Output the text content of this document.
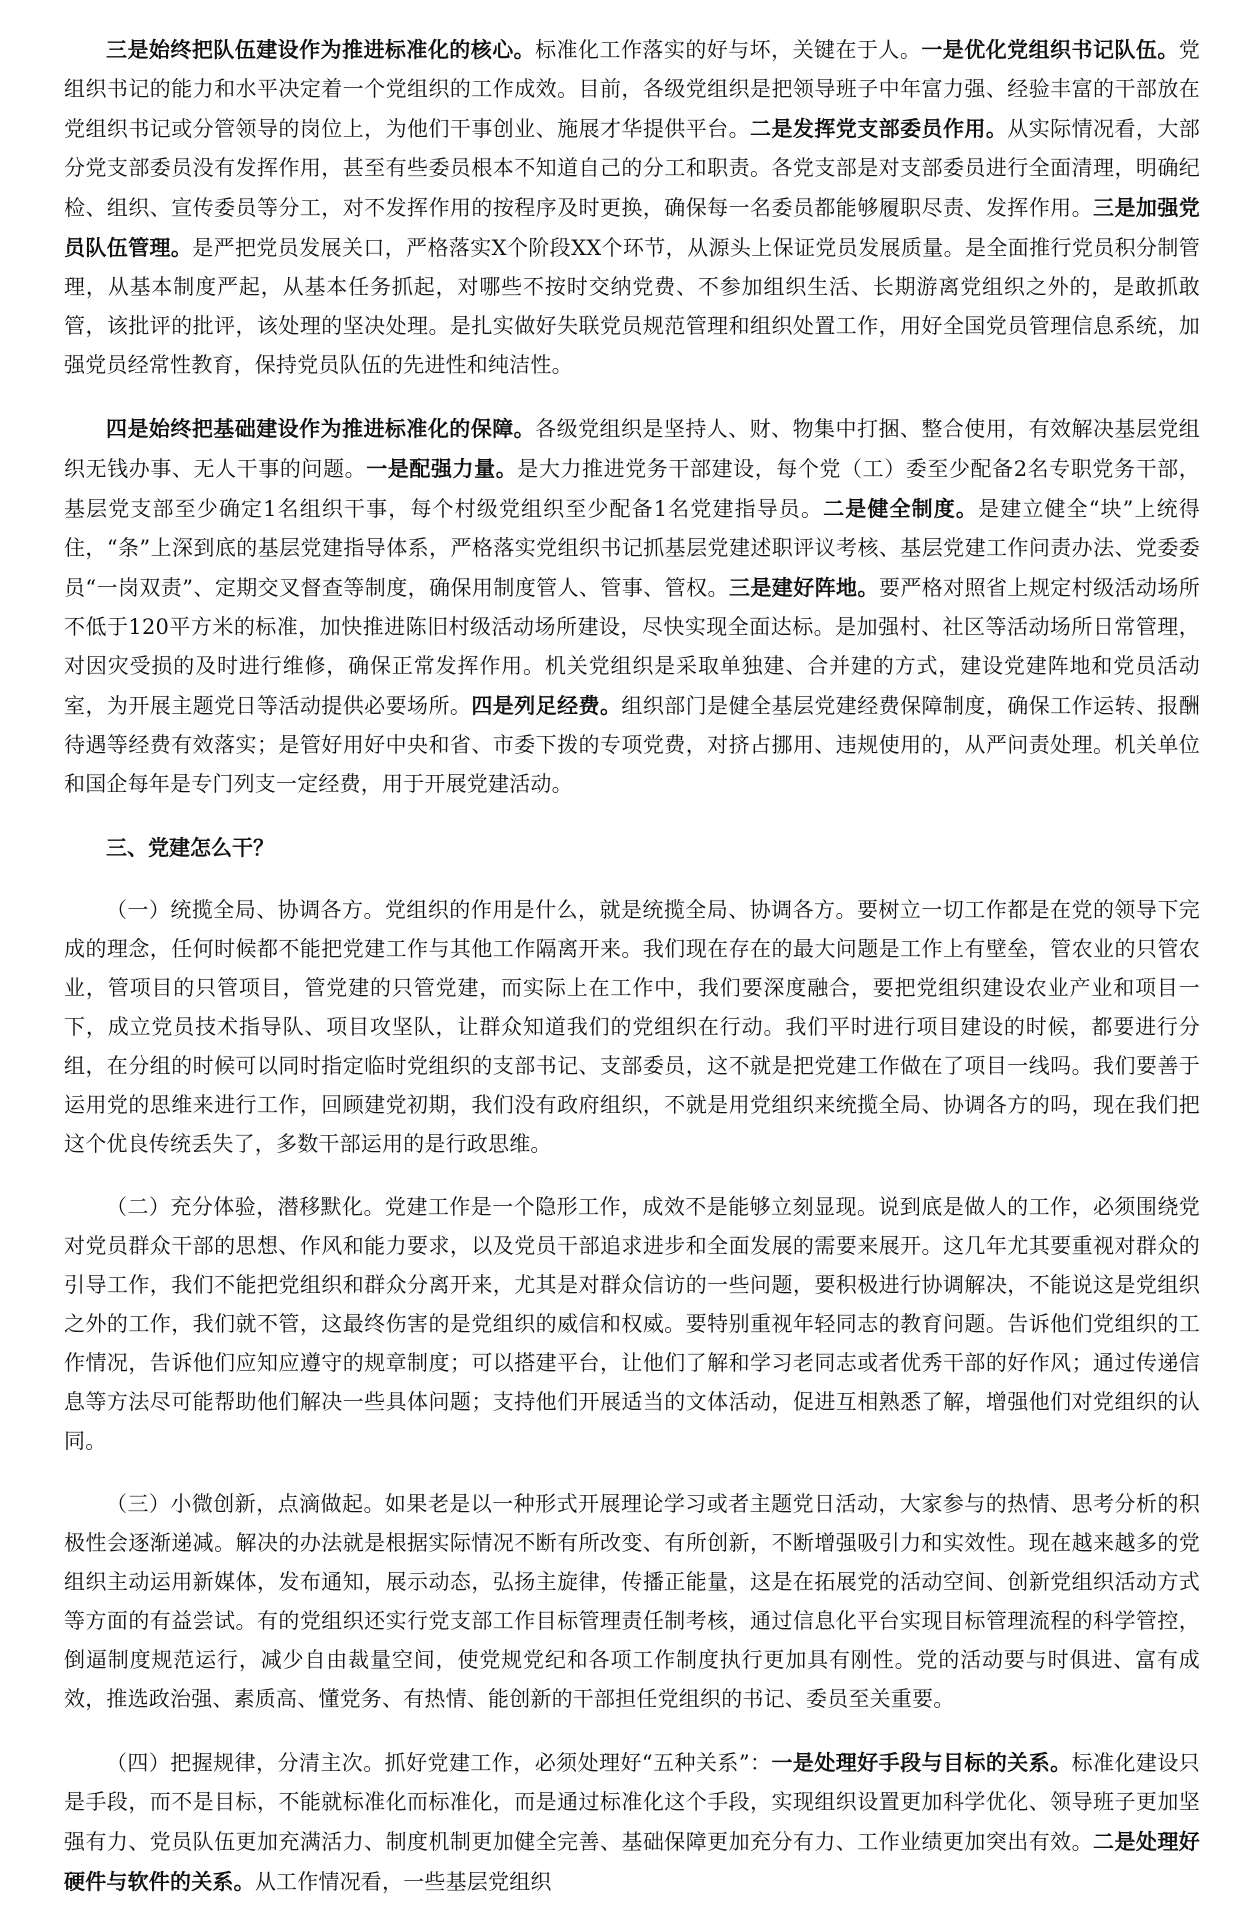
三是始终把队伍建设作为推进标准化的核心。标准化工作落实的好与坏，关键在于人。一是优化党组织书记队伍。党组织书记的能力和水平决定着一个党组织的工作成效。目前，各级党组织是把领导班子中年富力强、经验丰富的干部放在党组织书记或分管领导的岗位上，为他们干事创业、施展才华提供平台。二是发挥党支部委员作用。从实际情况看，大部分党支部委员没有发挥作用，甚至有些委员根本不知道自己的分工和职责。各党支部是对支部委员进行全面清理，明确纪检、组织、宣传委员等分工，对不发挥作用的按程序及时更换，确保每一名委员都能够履职尽责、发挥作用。三是加强党员队伍管理。是严把党员发展关口，严格落实X个阶段XX个环节，从源头上保证党员发展质量。是全面推行党员积分制管理，从基本制度严起，从基本任务抓起，对哪些不按时交纳党费、不参加组织生活、长期游离党组织之外的，是敢抓敢管，该批评的批评，该处理的坚决处理。是扎实做好失联党员规范管理和组织处置工作，用好全国党员管理信息系统，加强党员经常性教育，保持党员队伍的先进性和纯洁性。

四是始终把基础建设作为推进标准化的保障。各级党组织是坚持人、财、物集中打捆、整合使用，有效解决基层党组织无钱办事、无人干事的问题。一是配强力量。是大力推进党务干部建设，每个党（工）委至少配备2名专职党务干部，基层党支部至少确定1名组织干事，每个村级党组织至少配备1名党建指导员。二是健全制度。是建立健全“块”上统得住，“条”上深到底的基层党建指导体系，严格落实党组织书记抓基层党建述职评议考核、基层党建工作问责办法、党委委员“一岗双责”、定期交叉督查等制度，确保用制度管人、管事、管权。三是建好阵地。要严格对照省上规定村级活动场所不低于120平方米的标准，加快推进陈旧村级活动场所建设，尽快实现全面达标。是加强村、社区等活动场所日常管理，对因灾受损的及时进行维修，确保正常发挥作用。机关党组织是采取单独建、合并建的方式，建设党建阵地和党员活动室，为开展主题党日等活动提供必要场所。四是列足经费。组织部门是健全基层党建经费保障制度，确保工作运转、报酬待遇等经费有效落实；是管好用好中央和省、市委下拨的专项党费，对挤占挪用、违规使用的，从严问责处理。机关单位和国企每年是专门列支一定经费，用于开展党建活动。

三、党建怎么干？

（一）统揽全局、协调各方。党组织的作用是什么，就是统揽全局、协调各方。要树立一切工作都是在党的领导下完成的理念，任何时候都不能把党建工作与其他工作隔离开来。我们现在存在的最大问题是工作上有壁垒，管农业的只管农业，管项目的只管项目，管党建的只管党建，而实际上在工作中，我们要深度融合，要把党组织建设农业产业和项目一下，成立党员技术指导队、项目攻坚队，让群众知道我们的党组织在行动。我们平时进行项目建设的时候，都要进行分组，在分组的时候可以同时指定临时党组织的支部书记、支部委员，这不就是把党建工作做在了项目一线吗。我们要善于运用党的思维来进行工作，回顾建党初期，我们没有政府组织，不就是用党组织来统揽全局、协调各方的吗，现在我们把这个优良传统丢失了，多数干部运用的是行政思维。

（二）充分体验，潜移默化。党建工作是一个隐形工作，成效不是能够立刻显现。说到底是做人的工作，必须围绕党对党员群众干部的思想、作风和能力要求，以及党员干部追求进步和全面发展的需要来展开。这几年尤其要重视对群众的引导工作，我们不能把党组织和群众分离开来，尤其是对群众信访的一些问题，要积极进行协调解决，不能说这是党组织之外的工作，我们就不管，这最终伤害的是党组织的威信和权威。要特别重视年轻同志的教育问题。告诉他们党组织的工作情况，告诉他们应知应遵守的规章制度；可以搭建平台，让他们了解和学习老同志或者优秀干部的好作风；通过传递信息等方法尽可能帮助他们解决一些具体问题；支持他们开展适当的文体活动，促进互相熟悉了解，增强他们对党组织的认同。

（三）小微创新，点滴做起。如果老是以一种形式开展理论学习或者主题党日活动，大家参与的热情、思考分析的积极性会逐渐递减。解决的办法就是根据实际情况不断有所改变、有所创新，不断增强吸引力和实效性。现在越来越多的党组织主动运用新媒体，发布通知，展示动态，弘扬主旋律，传播正能量，这是在拓展党的活动空间、创新党组织活动方式等方面的有益尝试。有的党组织还实行党支部工作目标管理责任制考核，通过信息化平台实现目标管理流程的科学管控，倒逼制度规范运行，减少自由裁量空间，使党规党纪和各项工作制度执行更加具有刚性。党的活动要与时俱进、富有成效，推选政治强、素质高、懂党务、有热情、能创新的干部担任党组织的书记、委员至关重要。

（四）把握规律，分清主次。抓好党建工作，必须处理好“五种关系”：一是处理好手段与目标的关系。标准化建设只是手段，而不是目标，不能就标准化而标准化，而是通过标准化这个手段，实现组织设置更加科学优化、领导班子更加坚强有力、党员队伍更加充满活力、制度机制更加健全完善、基础保障更加充分有力、工作业绩更加突出有效。二是处理好硬件与软件的关系。从工作情况看，一些基层党组织
